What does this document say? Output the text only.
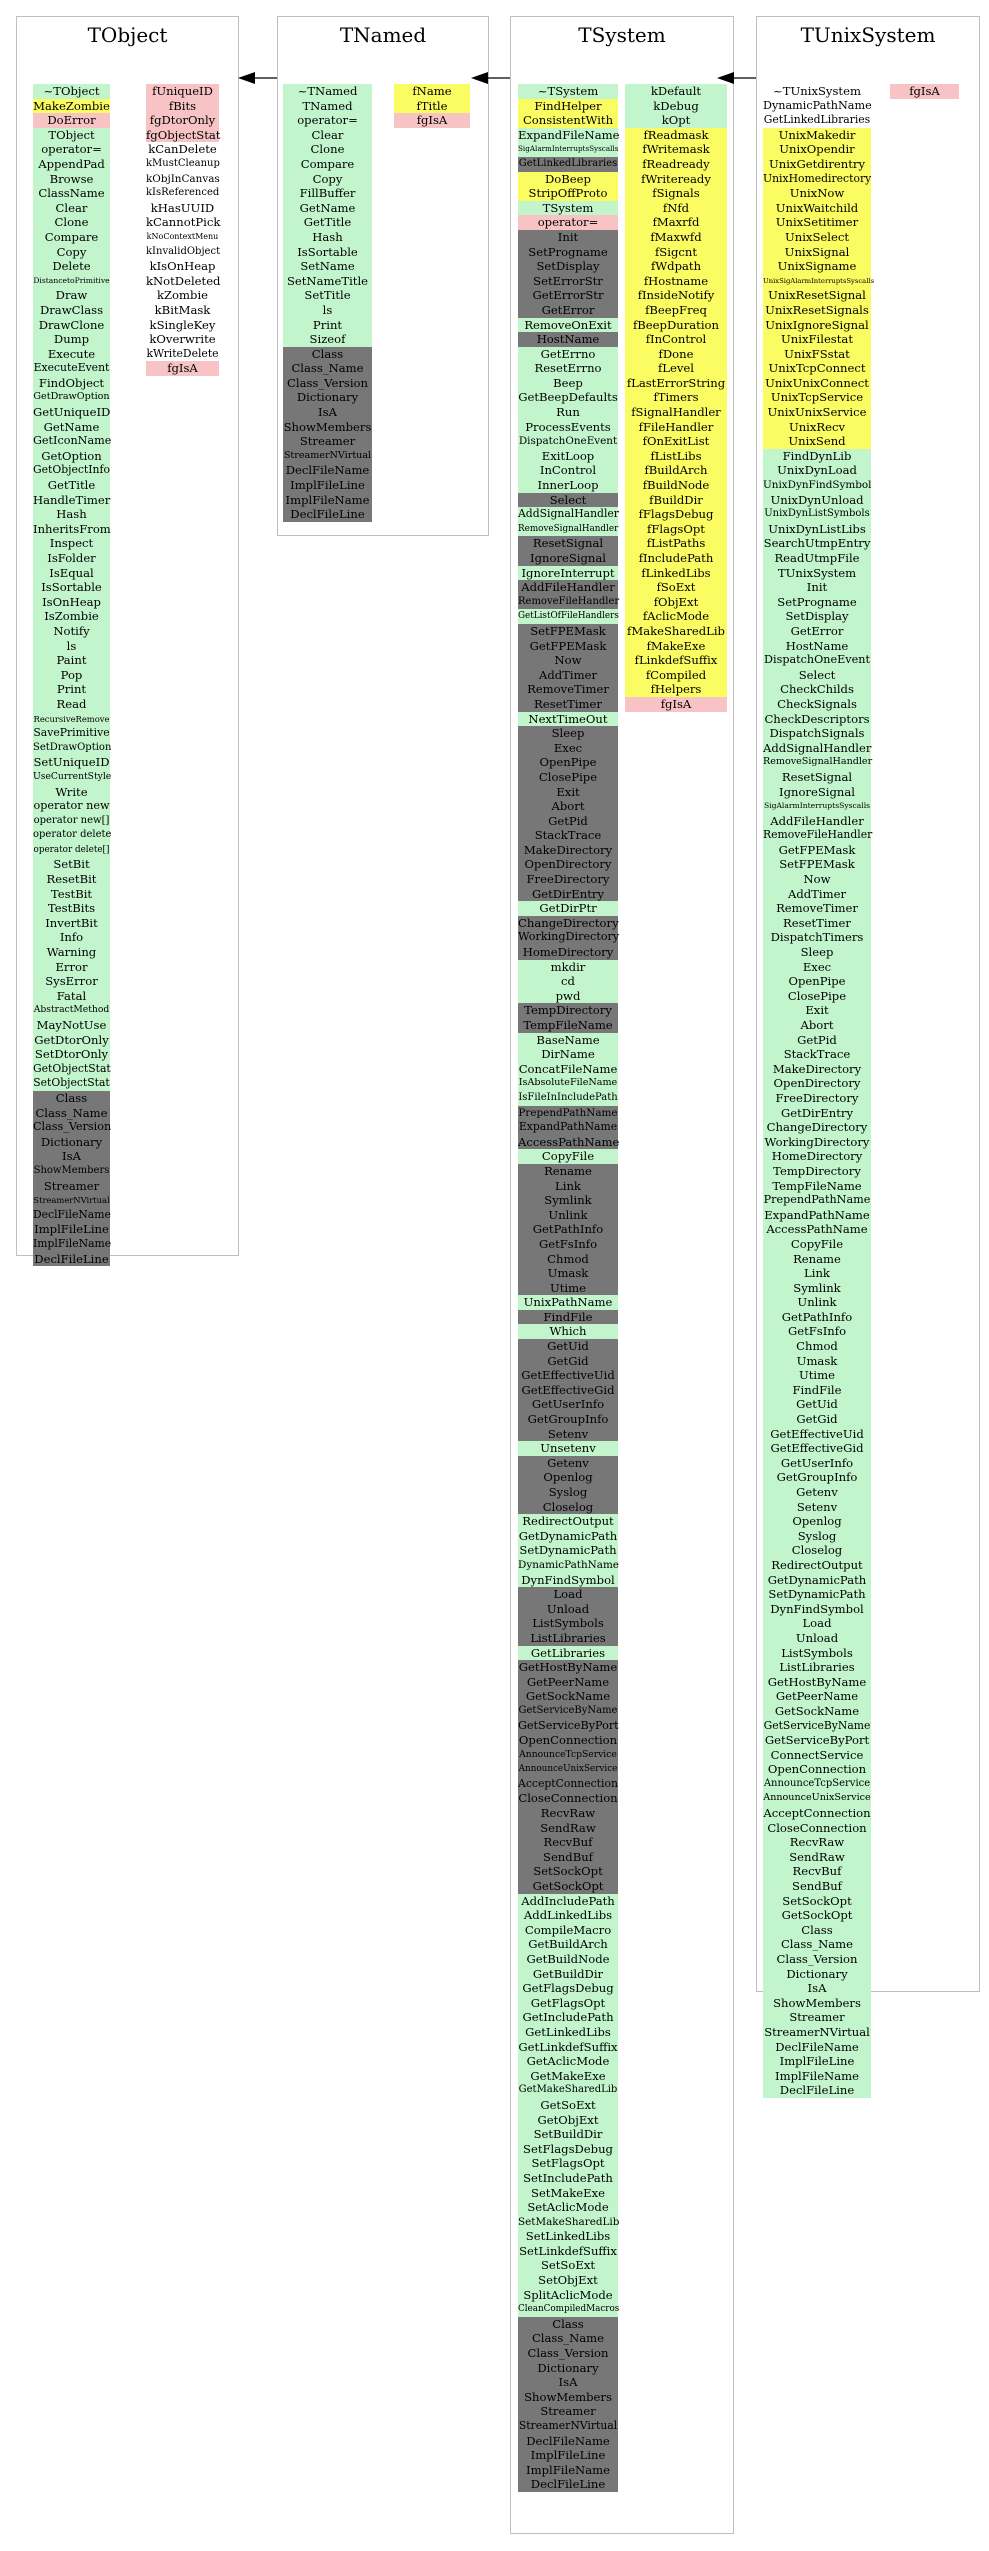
TObject
~TObject
MakeZombie
DoError
TObject
operator=
AppendPad
Browse
ClassName
Clear
Clone
Compare
Copy
Delete
DistancetoPrimitive
Draw
DrawClass
DrawClone
Dump
Execute
ExecuteEvent
FindObject
GetDrawOption
GetUniqueID
GetName
GetIconName
GetOption
GetObjectInfo
GetTitle
HandleTimer
Hash
InheritsFrom
Inspect
IsFolder
IsEqual
IsSortable
IsOnHeap
IsZombie
Notify
ls
Paint
Pop
Print
Read
RecursiveRemove
SavePrimitive
SetDrawOption
SetUniqueID
UseCurrentStyle
Write
operator new
operator new[]
operator delete
operator delete[]
SetBit
ResetBit
TestBit
TestBits
InvertBit
Info
Warning
Error
SysError
Fatal
AbstractMethod
MayNotUse
GetDtorOnly
SetDtorOnly
GetObjectStat
SetObjectStat
Class
Class_Name
Class_Version
Dictionary
IsA
ShowMembers
Streamer
StreamerNVirtual
DeclFileName
ImplFileLine
ImplFileName
DeclFileLine
fUniqueID
fBits
fgDtorOnly
fgObjectStat
kCanDelete
kMustCleanup
kObjInCanvas
kIsReferenced
kHasUUID
kCannotPick
kNoContextMenu
kInvalidObject
kIsOnHeap
kNotDeleted
kZombie
kBitMask
kSingleKey
kOverwrite
kWriteDelete
fgIsA
TNamed
~TNamed
TNamed
operator=
Clear
Clone
Compare
Copy
FillBuffer
GetName
GetTitle
Hash
IsSortable
SetName
SetNameTitle
SetTitle
ls
Print
Sizeof
Class
Class_Name
Class_Version
Dictionary
IsA
ShowMembers
Streamer
StreamerNVirtual
DeclFileName
ImplFileLine
ImplFileName
DeclFileLine
fName
fTitle
fgIsA
TSystem
~TSystem
FindHelper
ConsistentWith
ExpandFileName
SigAlarmInterruptsSyscalls
GetLinkedLibraries
DoBeep
StripOffProto
TSystem
operator=
Init
SetProgname
SetDisplay
SetErrorStr
GetErrorStr
GetError
RemoveOnExit
HostName
GetErrno
ResetErrno
Beep
GetBeepDefaults
Run
ProcessEvents
DispatchOneEvent
ExitLoop
InControl
InnerLoop
Select
AddSignalHandler
RemoveSignalHandler
ResetSignal
IgnoreSignal
IgnoreInterrupt
AddFileHandler
RemoveFileHandler
GetListOfFileHandlers
SetFPEMask
GetFPEMask
Now
AddTimer
RemoveTimer
ResetTimer
NextTimeOut
Sleep
Exec
OpenPipe
ClosePipe
Exit
Abort
GetPid
StackTrace
MakeDirectory
OpenDirectory
FreeDirectory
GetDirEntry
GetDirPtr
ChangeDirectory
WorkingDirectory
HomeDirectory
mkdir
cd
pwd
TempDirectory
TempFileName
BaseName
DirName
ConcatFileName
IsAbsoluteFileName
IsFileInIncludePath
PrependPathName
ExpandPathName
AccessPathName
CopyFile
Rename
Link
Symlink
Unlink
GetPathInfo
GetFsInfo
Chmod
Umask
Utime
UnixPathName
FindFile
Which
GetUid
GetGid
GetEffectiveUid
GetEffectiveGid
GetUserInfo
GetGroupInfo
Setenv
Unsetenv
Getenv
Openlog
Syslog
Closelog
RedirectOutput
GetDynamicPath
SetDynamicPath
DynamicPathName
DynFindSymbol
Load
Unload
ListSymbols
ListLibraries
GetLibraries
GetHostByName
GetPeerName
GetSockName
GetServiceByName
GetServiceByPort
OpenConnection
AnnounceTcpService
AnnounceUnixService
AcceptConnection
CloseConnection
RecvRaw
SendRaw
RecvBuf
SendBuf
SetSockOpt
GetSockOpt
AddIncludePath
AddLinkedLibs
CompileMacro
GetBuildArch
GetBuildNode
GetBuildDir
GetFlagsDebug
GetFlagsOpt
GetIncludePath
GetLinkedLibs
GetLinkdefSuffix
GetAclicMode
GetMakeExe
GetMakeSharedLib
GetSoExt
GetObjExt
SetBuildDir
SetFlagsDebug
SetFlagsOpt
SetIncludePath
SetMakeExe
SetAclicMode
SetMakeSharedLib
SetLinkedLibs
SetLinkdefSuffix
SetSoExt
SetObjExt
SplitAclicMode
CleanCompiledMacros
Class
Class_Name
Class_Version
Dictionary
IsA
ShowMembers
Streamer
StreamerNVirtual
DeclFileName
ImplFileLine
ImplFileName
DeclFileLine
kDefault
kDebug
kOpt
fReadmask
fWritemask
fReadready
fWriteready
fSignals
fNfd
fMaxrfd
fMaxwfd
fSigcnt
fWdpath
fHostname
fInsideNotify
fBeepFreq
fBeepDuration
fInControl
fDone
fLevel
fLastErrorString
fTimers
fSignalHandler
fFileHandler
fOnExitList
fListLibs
fBuildArch
fBuildNode
fBuildDir
fFlagsDebug
fFlagsOpt
fListPaths
fIncludePath
fLinkedLibs
fSoExt
fObjExt
fAclicMode
fMakeSharedLib
fMakeExe
fLinkdefSuffix
fCompiled
fHelpers
fgIsA
TUnixSystem
~TUnixSystem
DynamicPathName
GetLinkedLibraries
UnixMakedir
UnixOpendir
UnixGetdirentry
UnixHomedirectory
UnixNow
UnixWaitchild
UnixSetitimer
UnixSelect
UnixSignal
UnixSigname
UnixSigAlarmInterruptsSyscalls
UnixResetSignal
UnixResetSignals
UnixIgnoreSignal
UnixFilestat
UnixFSstat
UnixTcpConnect
UnixUnixConnect
UnixTcpService
UnixUnixService
UnixRecv
UnixSend
FindDynLib
UnixDynLoad
UnixDynFindSymbol
UnixDynUnload
UnixDynListSymbols
UnixDynListLibs
SearchUtmpEntry
ReadUtmpFile
TUnixSystem
Init
SetProgname
SetDisplay
GetError
HostName
DispatchOneEvent
Select
CheckChilds
CheckSignals
CheckDescriptors
DispatchSignals
AddSignalHandler
RemoveSignalHandler
ResetSignal
IgnoreSignal
SigAlarmInterruptsSyscalls
AddFileHandler
RemoveFileHandler
GetFPEMask
SetFPEMask
Now
AddTimer
RemoveTimer
ResetTimer
DispatchTimers
Sleep
Exec
OpenPipe
ClosePipe
Exit
Abort
GetPid
StackTrace
MakeDirectory
OpenDirectory
FreeDirectory
GetDirEntry
ChangeDirectory
WorkingDirectory
HomeDirectory
TempDirectory
TempFileName
PrependPathName
ExpandPathName
AccessPathName
CopyFile
Rename
Link
Symlink
Unlink
GetPathInfo
GetFsInfo
Chmod
Umask
Utime
FindFile
GetUid
GetGid
GetEffectiveUid
GetEffectiveGid
GetUserInfo
GetGroupInfo
Getenv
Setenv
Openlog
Syslog
Closelog
RedirectOutput
GetDynamicPath
SetDynamicPath
DynFindSymbol
Load
Unload
ListSymbols
ListLibraries
GetHostByName
GetPeerName
GetSockName
GetServiceByName
GetServiceByPort
ConnectService
OpenConnection
AnnounceTcpService
AnnounceUnixService
AcceptConnection
CloseConnection
RecvRaw
SendRaw
RecvBuf
SendBuf
SetSockOpt
GetSockOpt
Class
Class_Name
Class_Version
Dictionary
IsA
ShowMembers
Streamer
StreamerNVirtual
DeclFileName
ImplFileLine
ImplFileName
DeclFileLine
fgIsA
